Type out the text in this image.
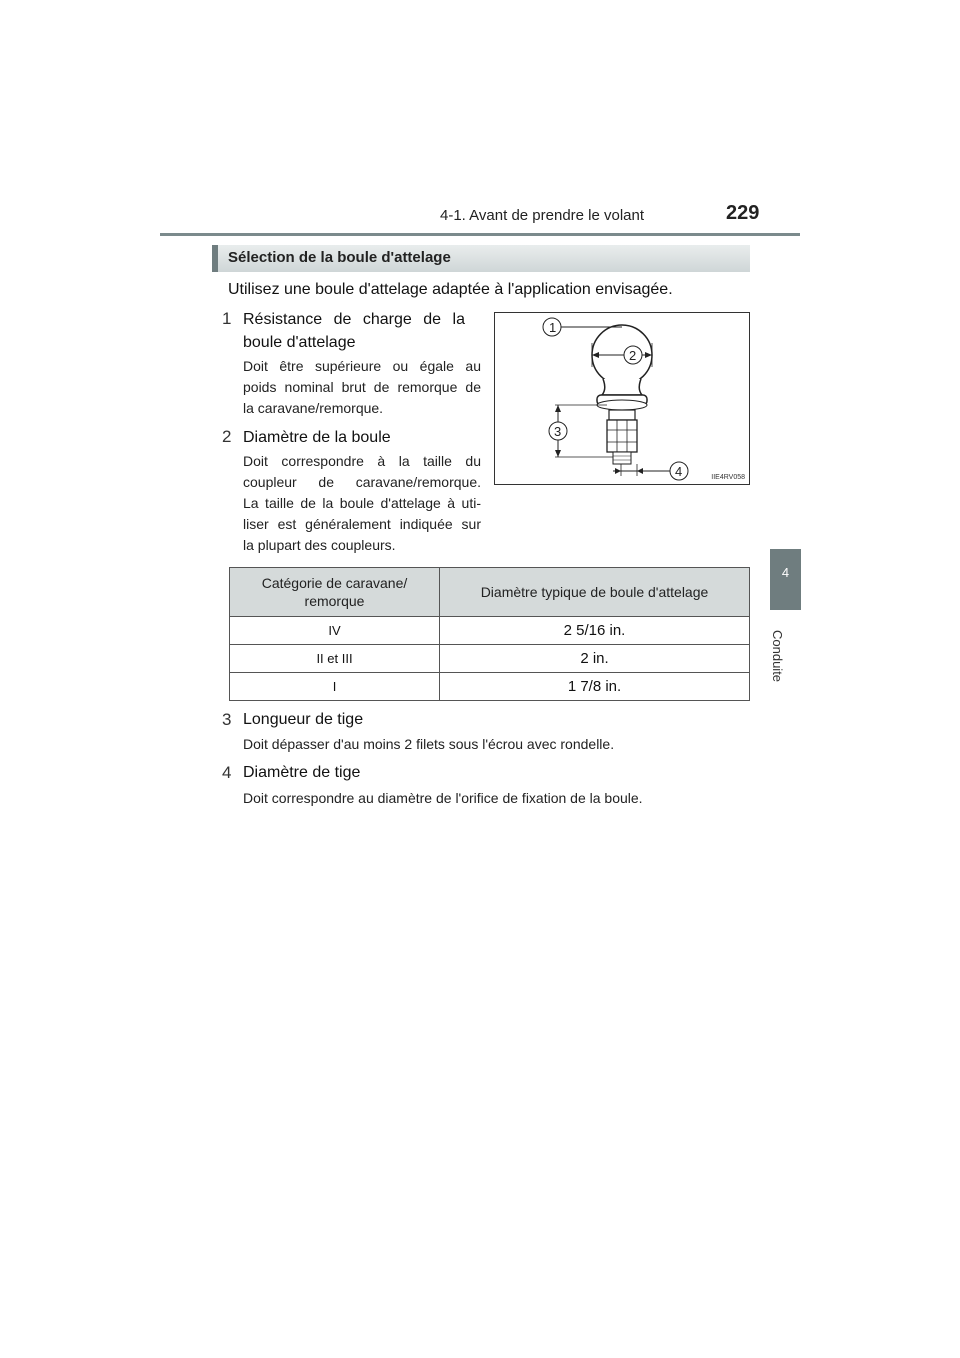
4-1. Avant de prendre le volant	229
4
Conduite
Sélection de la boule d'attelage
Utilisez une boule d'attelage adaptée à l'application envisagée.
1 Résistance de charge de la
boule d'attelage
Doit être supérieure ou égale au
poids nominal brut de remorque de
la caravane/remorque.
2 Diamètre de la boule
Doit correspondre à la taille du
coupleur de caravane/remorque.
La taille de la boule d'attelage à uti-
liser est généralement indiquée sur
la plupart des coupleurs.
1
2
3
4	IIE4RV058
Catégorie de caravane/
remorque	Diamètre typique de boule d'attelage
IV	2 5/16 in.
II et III	2 in.
I	1 7/8 in.
3 Longueur de tige
Doit dépasser d'au moins 2 filets sous l'écrou avec rondelle.
4 Diamètre de tige
Doit correspondre au diamètre de l'orifice de fixation de la boule.
